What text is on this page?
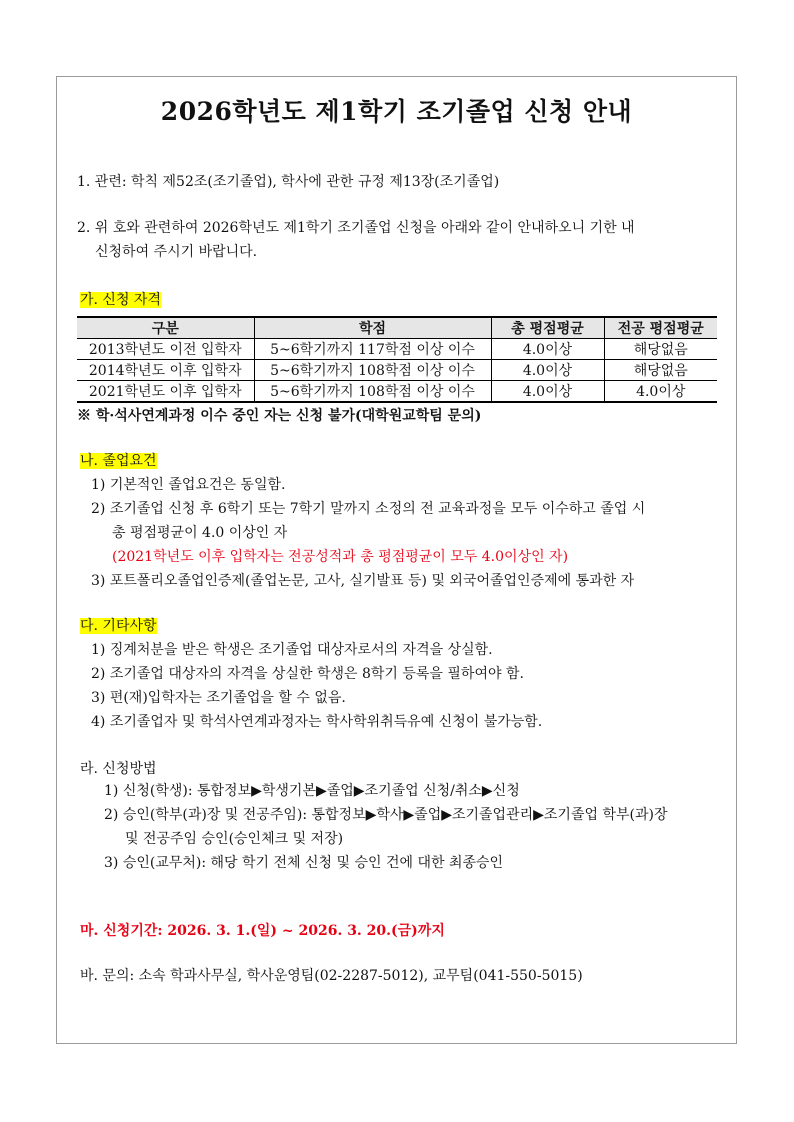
2026학년도 제1학기 조기졸업 신청 안내
1. 관련: 학칙 제52조(조기졸업), 학사에 관한 규정 제13장(조기졸업)
2. 위 호와 관련하여 2026학년도 제1학기 조기졸업 신청을 아래와 같이 안내하오니 기한 내
신청하여 주시기 바랍니다.
가. 신청 자격
구분	학점	총 평점평균	전공 평점평균
2013학년도 이전 입학자	5~6학기까지 117학점 이상 이수	4.0이상	해당없음
2014학년도 이후 입학자	5~6학기까지 108학점 이상 이수	4.0이상	해당없음
2021학년도 이후 입학자	5~6학기까지 108학점 이상 이수	4.0이상	4.0이상
※ 학·석사연계과정 이수 중인 자는 신청 불가(대학원교학팀 문의)
나. 졸업요건
1) 기본적인 졸업요건은 동일함.
2) 조기졸업 신청 후 6학기 또는 7학기 말까지 소정의 전 교육과정을 모두 이수하고 졸업 시
총 평점평균이 4.0 이상인 자
(2021학년도 이후 입학자는 전공성적과 총 평점평균이 모두 4.0이상인 자)
3) 포트폴리오졸업인증제(졸업논문, 고사, 실기발표 등) 및 외국어졸업인증제에 통과한 자
다. 기타사항
1) 징계처분을 받은 학생은 조기졸업 대상자로서의 자격을 상실함.
2) 조기졸업 대상자의 자격을 상실한 학생은 8학기 등록을 필하여야 함.
3) 편(재)입학자는 조기졸업을 할 수 없음.
4) 조기졸업자 및 학석사연계과정자는 학사학위취득유예 신청이 불가능함.
라. 신청방법
1) 신청(학생): 통합정보▶학생기본▶졸업▶조기졸업 신청/취소▶신청
2) 승인(학부(과)장 및 전공주임): 통합정보▶학사▶졸업▶조기졸업관리▶조기졸업 학부(과)장
및 전공주임 승인(승인체크 및 저장)
3) 승인(교무처): 해당 학기 전체 신청 및 승인 건에 대한 최종승인
마. 신청기간: 2026. 3. 1.(일) ~ 2026. 3. 20.(금)까지
바. 문의: 소속 학과사무실, 학사운영팀(02-2287-5012), 교무팀(041-550-5015)
